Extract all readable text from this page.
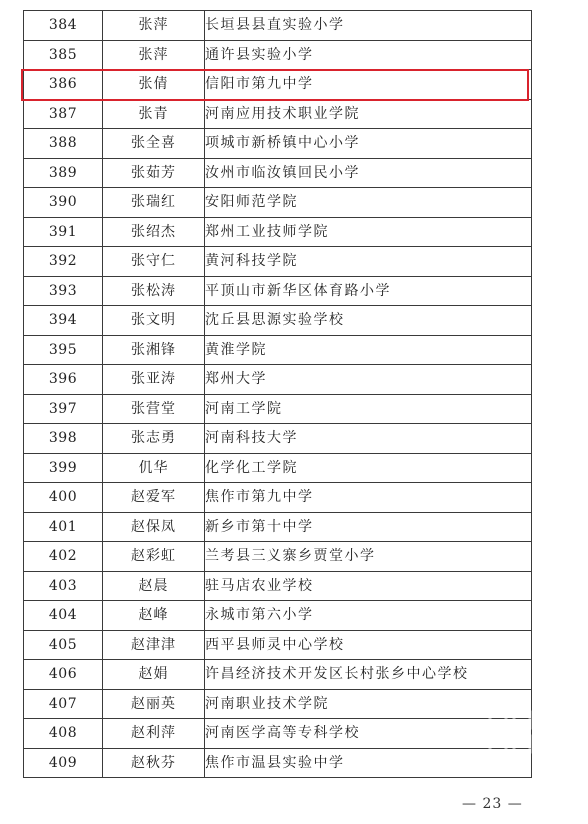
384	张萍	长垣县县直实验小学
385	张萍	通许县实验小学
386	张倩	信阳市第九中学
387	张青	河南应用技术职业学院
388	张全喜	项城市新桥镇中心小学
389	张茹芳	汝州市临汝镇回民小学
390	张瑞红	安阳师范学院
391	张绍杰	郑州工业技师学院
392	张守仁	黄河科技学院
393	张松涛	平顶山市新华区体育路小学
394	张文明	沈丘县思源实验学校
395	张湘锋	黄淮学院
396	张亚涛	郑州大学
397	张营堂	河南工学院
398	张志勇	河南科技大学
399	仉华	化学化工学院
400	赵爱军	焦作市第九中学
401	赵保凤	新乡市第十中学
402	赵彩虹	兰考县三义寨乡贾堂小学
403	赵晨	驻马店农业学校
404	赵峰	永城市第六小学
405	赵津津	西平县师灵中心学校
406	赵娟	许昌经济技术开发区长村张乡中心学校
407	赵丽英	河南职业技术学院
408	赵利萍	河南医学高等专科学校
409	赵秋芬	焦作市温县实验中学
— 23 —
